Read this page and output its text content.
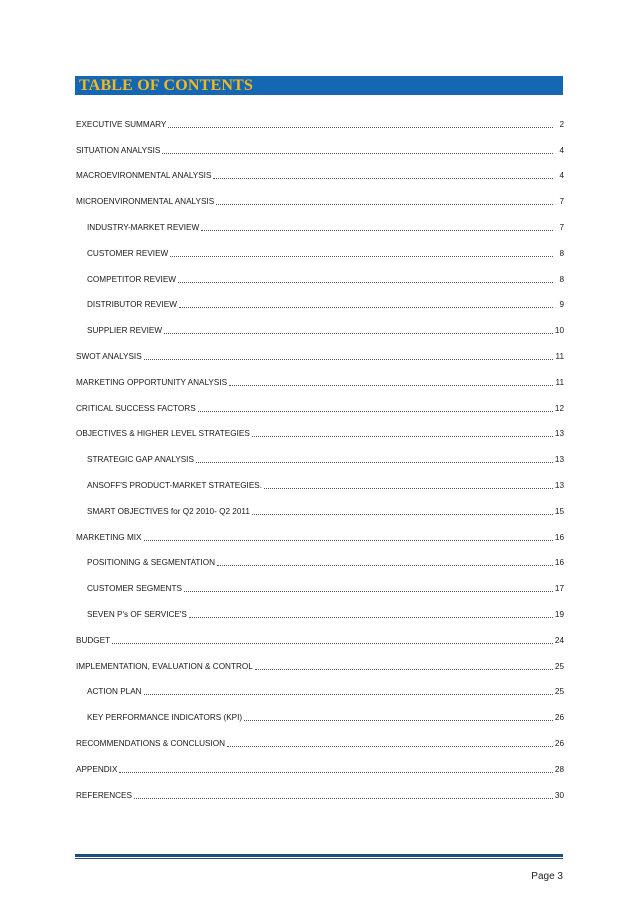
TABLE OF CONTENTS
EXECUTIVE SUMMARY	2
SITUATION ANALYSIS	4
MACROEVIRONMENTAL ANALYSIS	4
MICROENVIRONMENTAL ANALYSIS	7
INDUSTRY-MARKET REVIEW	7
CUSTOMER REVIEW	8
COMPETITOR REVIEW	8
DISTRIBUTOR REVIEW	9
SUPPLIER REVIEW	10
SWOT ANALYSIS	11
MARKETING OPPORTUNITY ANALYSIS	11
CRITICAL SUCCESS FACTORS	12
OBJECTIVES & HIGHER LEVEL STRATEGIES	13
STRATEGIC GAP ANALYSIS	13
ANSOFF'S PRODUCT-MARKET STRATEGIES.	13
SMART OBJECTIVES for Q2 2010- Q2 2011	15
MARKETING MIX	16
POSITIONING & SEGMENTATION	16
CUSTOMER SEGMENTS	17
SEVEN P's OF SERVICE'S	19
BUDGET	24
IMPLEMENTATION, EVALUATION & CONTROL	25
ACTION PLAN	25
KEY PERFORMANCE INDICATORS (KPI)	26
RECOMMENDATIONS & CONCLUSION	26
APPENDIX	28
REFERENCES	30
Page 3
